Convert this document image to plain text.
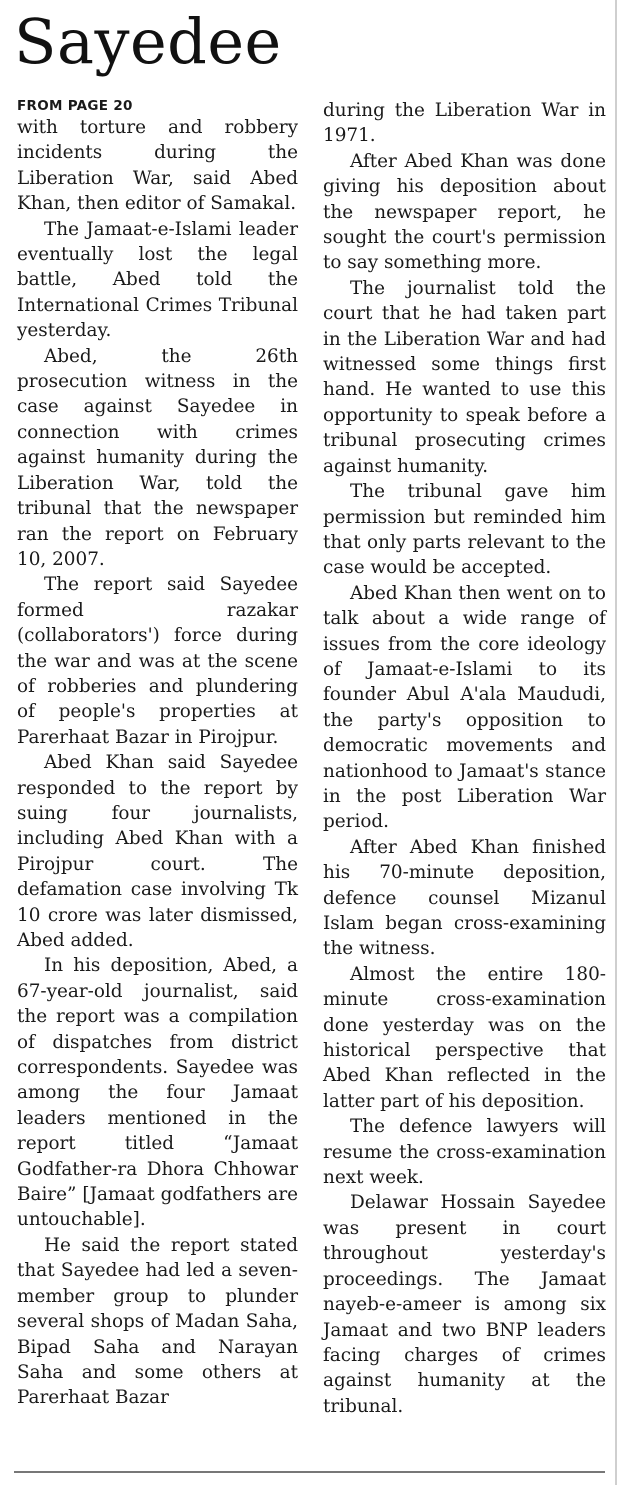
Sayedee
FROM PAGE 20

with torture and robbery incidents during the Liberation War, said Abed Khan, then editor of Samakal.

The Jamaat-e-Islami leader eventually lost the legal battle, Abed told the International Crimes Tribunal yesterday.

Abed, the 26th prosecution witness in the case against Sayedee in connection with crimes against humanity during the Liberation War, told the tribunal that the newspaper ran the report on February 10, 2007.

The report said Sayedee formed razakar (collaborators') force during the war and was at the scene of robberies and plundering of people's properties at Parerhaat Bazar in Pirojpur.

Abed Khan said Sayedee responded to the report by suing four journalists, including Abed Khan with a Pirojpur court. The defamation case involving Tk 10 crore was later dismissed, Abed added.

In his deposition, Abed, a 67-year-old journalist, said the report was a compilation of dispatches from district correspondents. Sayedee was among the four Jamaat leaders mentioned in the report titled “Jamaat Godfather-ra Dhora Chhowar Baire” [Jamaat godfathers are untouchable].

He said the report stated that Sayedee had led a seven-member group to plunder several shops of Madan Saha, Bipad Saha and Narayan Saha and some others at Parerhaat Bazar

during the Liberation War in 1971.

After Abed Khan was done giving his deposition about the newspaper report, he sought the court's permission to say something more.

The journalist told the court that he had taken part in the Liberation War and had witnessed some things first hand. He wanted to use this opportunity to speak before a tribunal prosecuting crimes against humanity.

The tribunal gave him permission but reminded him that only parts relevant to the case would be accepted.

Abed Khan then went on to talk about a wide range of issues from the core ideology of Jamaat-e-Islami to its founder Abul A'ala Maududi, the party's opposition to democratic movements and nationhood to Jamaat's stance in the post Liberation War period.

After Abed Khan finished his 70-minute deposition, defence counsel Mizanul Islam began cross-examining the witness.

Almost the entire 180-minute cross-examination done yesterday was on the historical perspective that Abed Khan reflected in the latter part of his deposition.

The defence lawyers will resume the cross-examination next week.

Delawar Hossain Sayedee was present in court throughout yesterday's proceedings. The Jamaat nayeb-e-ameer is among six Jamaat and two BNP leaders facing charges of crimes against humanity at the tribunal.
